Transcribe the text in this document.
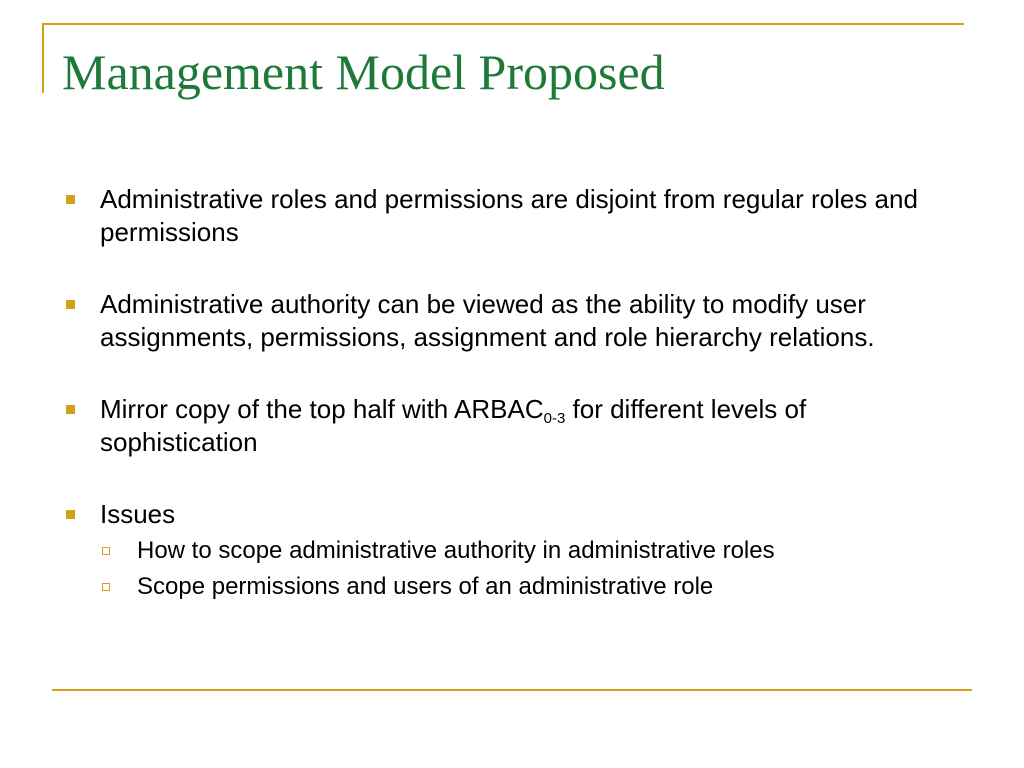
Management Model Proposed
Administrative roles and permissions are disjoint from regular roles and permissions
Administrative authority can be viewed as the ability to modify user assignments, permissions, assignment and role hierarchy relations.
Mirror copy of the top half with $ARBAC_{0-3}$ for different levels of sophistication
Issues
How to scope administrative authority in administrative roles
Scope permissions and users of an administrative role
